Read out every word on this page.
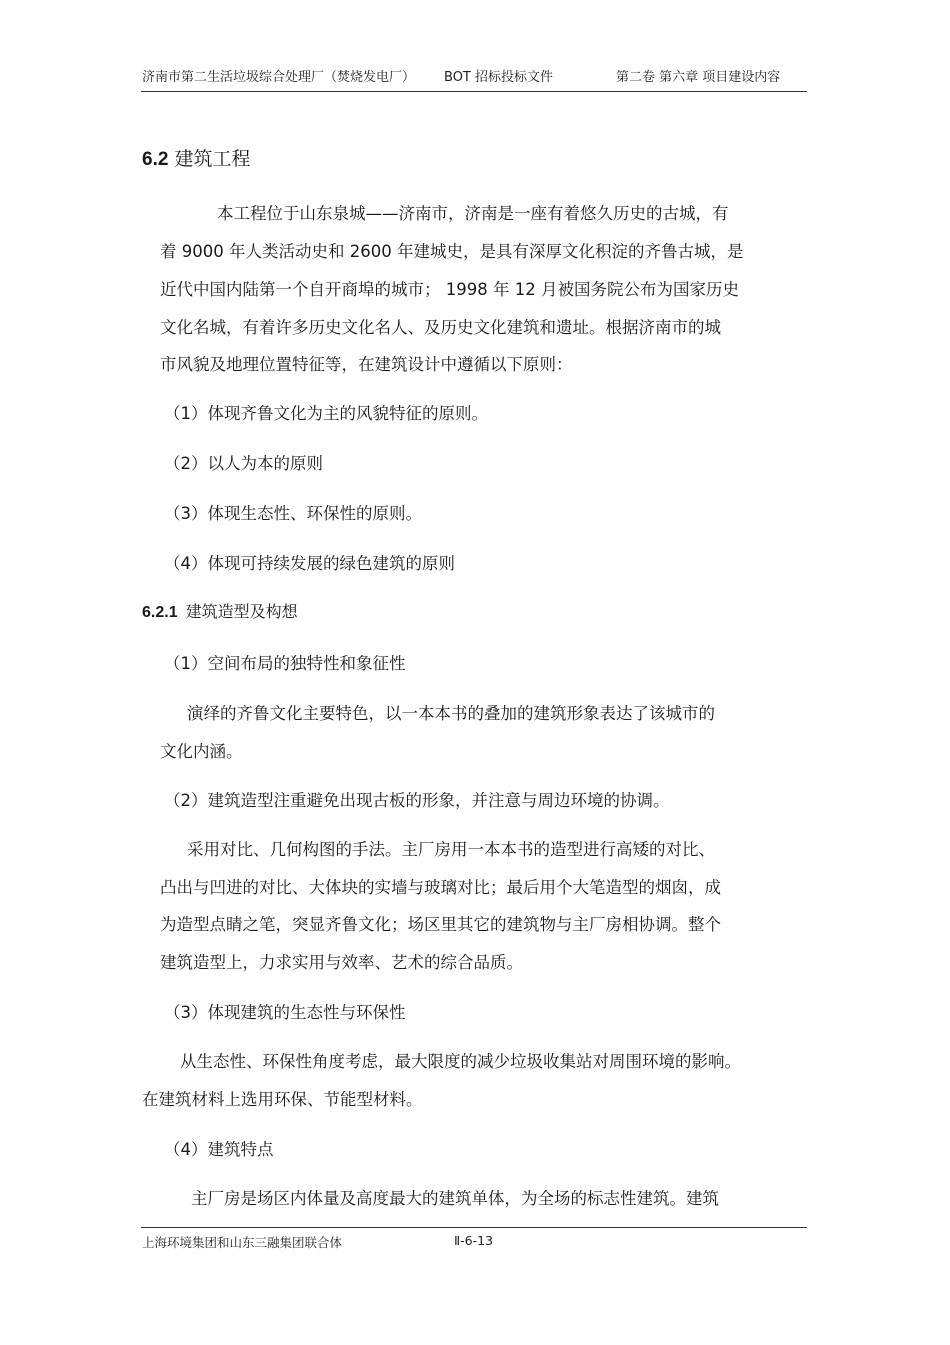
济南市第二生活垃圾综合处理厂（焚烧发电厂） BOT 招标投标文件	第二卷 第六章 项目建设内容
6.2 建筑工程
本工程位于山东泉城——济南市，济南是一座有着悠久历史的古城，有
着 9000 年人类活动史和 2600 年建城史，是具有深厚文化积淀的齐鲁古城，是
近代中国内陆第一个自开商埠的城市； 1998 年 12 月被国务院公布为国家历史
文化名城，有着许多历史文化名人、及历史文化建筑和遗址。根据济南市的城
市风貌及地理位置特征等，在建筑设计中遵循以下原则：
（1）体现齐鲁文化为主的风貌特征的原则。
（2）以人为本的原则
（3）体现生态性、环保性的原则。
（4）体现可持续发展的绿色建筑的原则
6.2.1 建筑造型及构想
（1）空间布局的独特性和象征性
演绎的齐鲁文化主要特色，以一本本书的叠加的建筑形象表达了该城市的
文化内涵。
（2）建筑造型注重避免出现古板的形象，并注意与周边环境的协调。
采用对比、几何构图的手法。主厂房用一本本书的造型进行高矮的对比、
凸出与凹进的对比、大体块的实墙与玻璃对比；最后用个大笔造型的烟囱，成
为造型点睛之笔，突显齐鲁文化；场区里其它的建筑物与主厂房相协调。整个
建筑造型上，力求实用与效率、艺术的综合品质。
（3）体现建筑的生态性与环保性
从生态性、环保性角度考虑，最大限度的减少垃圾收集站对周围环境的影响。
在建筑材料上选用环保、节能型材料。
（4）建筑特点
主厂房是场区内体量及高度最大的建筑单体，为全场的标志性建筑。建筑
上海环境集团和山东三融集团联合体	Ⅱ-6-13
